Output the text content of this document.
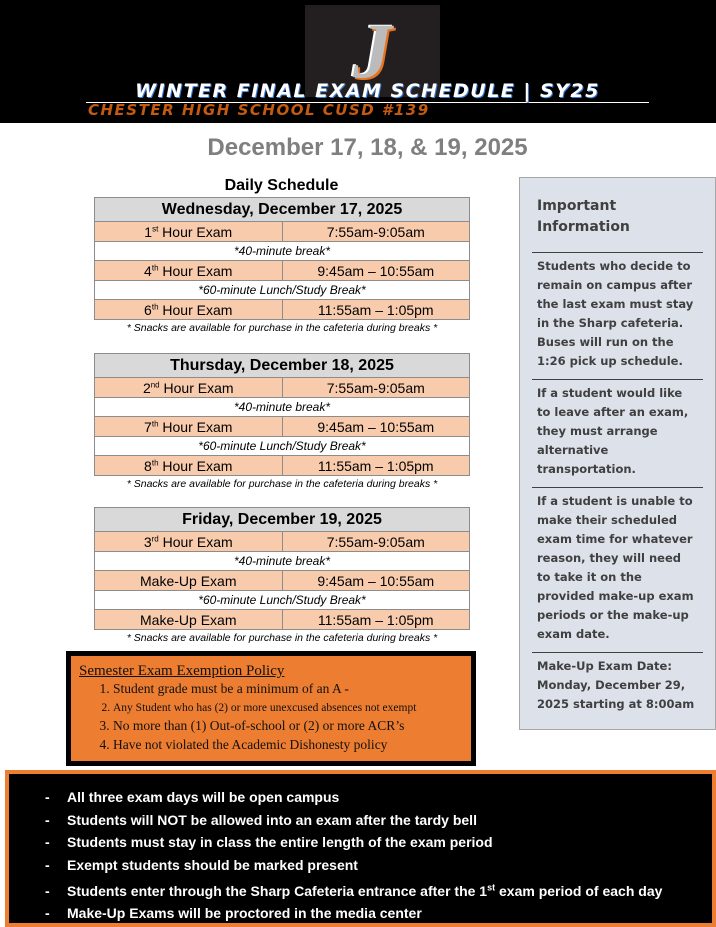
J
WINTER FINAL EXAM SCHEDULE | SY25
CHESTER HIGH SCHOOL CUSD #139
December 17, 18, & 19, 2025
Daily Schedule
Wednesday, December 17, 2025	
1st Hour Exam	7:55am-9:05am
*40-minute break*	
4th Hour Exam	9:45am – 10:55am
*60-minute Lunch/Study Break*	
6th Hour Exam	11:55am – 1:05pm
* Snacks are available for purchase in the cafeteria during breaks *
Thursday, December 18, 2025	
2nd Hour Exam	7:55am-9:05am
*40-minute break*	
7th Hour Exam	9:45am – 10:55am
*60-minute Lunch/Study Break*	
8th Hour Exam	11:55am – 1:05pm
* Snacks are available for purchase in the cafeteria during breaks *
Friday, December 19, 2025	
3rd Hour Exam	7:55am-9:05am
*40-minute break*	
Make-Up Exam	9:45am – 10:55am
*60-minute Lunch/Study Break*	
Make-Up Exam	11:55am – 1:05pm
* Snacks are available for purchase in the cafeteria during breaks *
Important Information

Students who decide to remain on campus after the last exam must stay in the Sharp cafeteria. Buses will run on the 1:26 pick up schedule.

If a student would like to leave after an exam, they must arrange alternative transportation.

If a student is unable to make their scheduled exam time for whatever reason, they will need to take it on the provided make-up exam periods or the make-up exam date.

Make-Up Exam Date: Monday, December 29, 2025 starting at 8:00am

Semester Exam Exemption Policy
1. Student grade must be a minimum of an A -
2. Any Student who has (2) or more unexcused absences not exempt
3. No more than (1) Out-of-school or (2) or more ACR’s
4. Have not violated the Academic Dishonesty policy
- All three exam days will be open campus
- Students will NOT be allowed into an exam after the tardy bell
- Students must stay in class the entire length of the exam period
- Exempt students should be marked present
- Students enter through the Sharp Cafeteria entrance after the 1st exam period of each day
- Make-Up Exams will be proctored in the media center
